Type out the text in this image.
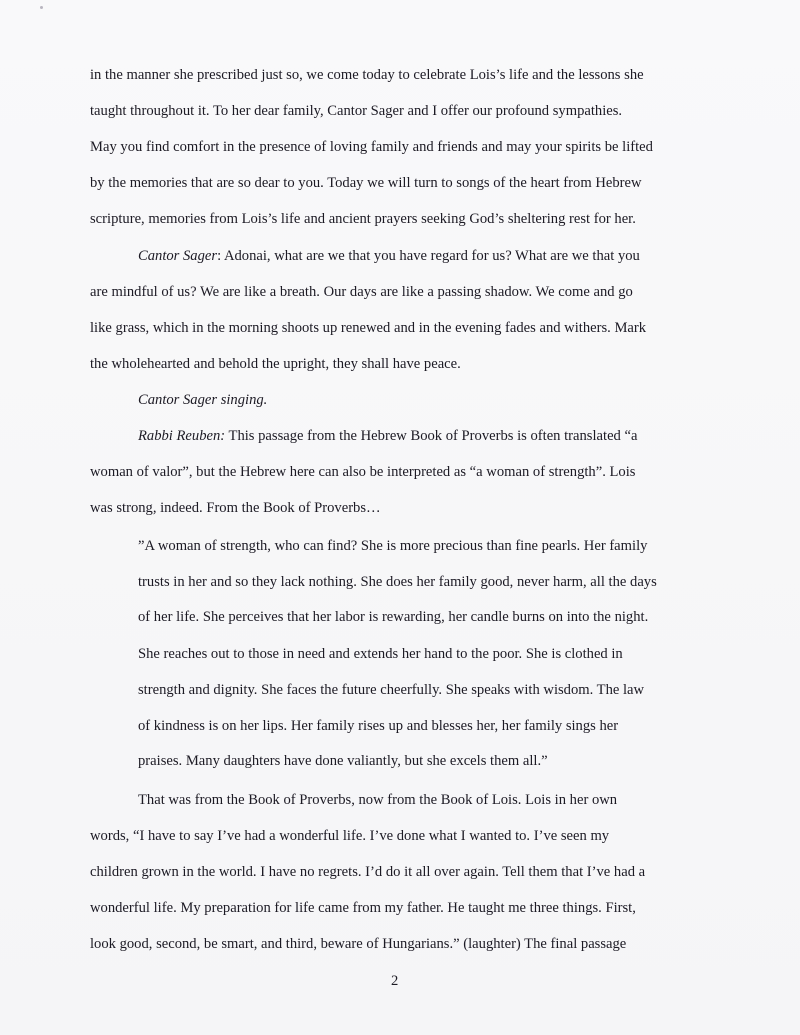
in the manner she prescribed just so, we come today to celebrate Lois’s life and the lessons she
taught throughout it. To her dear family, Cantor Sager and I offer our profound sympathies.
May you find comfort in the presence of loving family and friends and may your spirits be lifted
by the memories that are so dear to you. Today we will turn to songs of the heart from Hebrew
scripture, memories from Lois’s life and ancient prayers seeking God’s sheltering rest for her.
Cantor Sager: Adonai, what are we that you have regard for us? What are we that you
are mindful of us? We are like a breath. Our days are like a passing shadow. We come and go
like grass, which in the morning shoots up renewed and in the evening fades and withers. Mark
the wholehearted and behold the upright, they shall have peace.
Cantor Sager singing.
Rabbi Reuben: This passage from the Hebrew Book of Proverbs is often translated “a
woman of valor”, but the Hebrew here can also be interpreted as “a woman of strength”. Lois
was strong, indeed. From the Book of Proverbs…
”A woman of strength, who can find? She is more precious than fine pearls. Her family
trusts in her and so they lack nothing. She does her family good, never harm, all the days
of her life. She perceives that her labor is rewarding, her candle burns on into the night.
She reaches out to those in need and extends her hand to the poor. She is clothed in
strength and dignity. She faces the future cheerfully. She speaks with wisdom. The law
of kindness is on her lips. Her family rises up and blesses her, her family sings her
praises. Many daughters have done valiantly, but she excels them all.”
That was from the Book of Proverbs, now from the Book of Lois. Lois in her own
words, “I have to say I’ve had a wonderful life. I’ve done what I wanted to. I’ve seen my
children grown in the world. I have no regrets. I’d do it all over again. Tell them that I’ve had a
wonderful life. My preparation for life came from my father. He taught me three things. First,
look good, second, be smart, and third, beware of Hungarians.” (laughter) The final passage
2
